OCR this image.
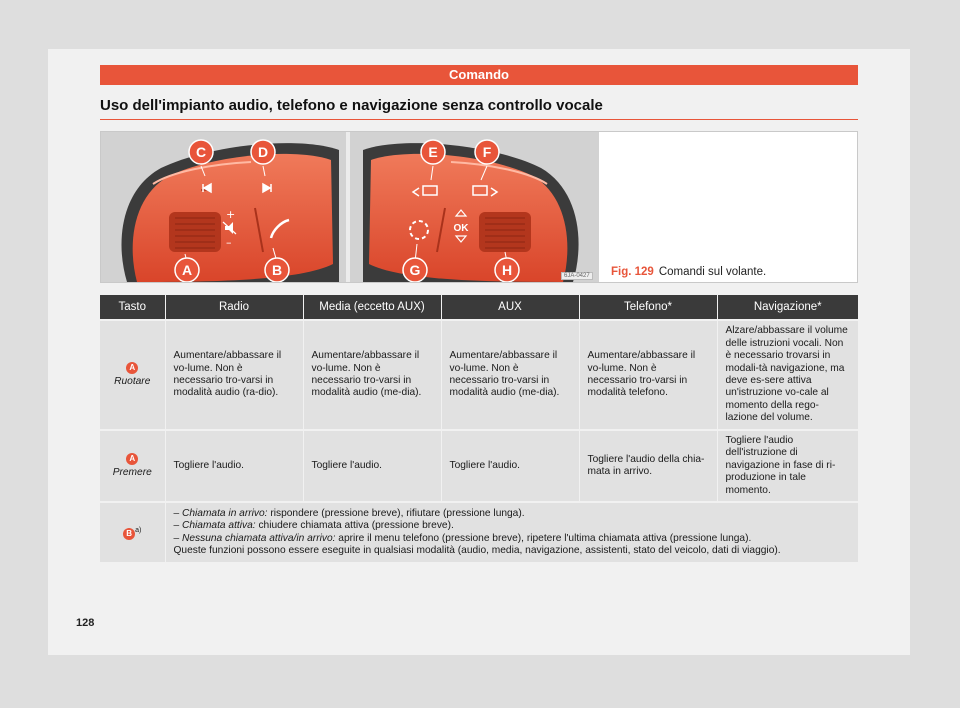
Comando
Uso dell'impianto audio, telefono e navigazione senza controllo vocale
+
–
C	D
A	B
OK
E	F
G	H	6JA-0427 Fig. 129 Comandi sul volante.
Tasto	Radio	Media (eccetto AUX)	AUX	Telefono*	Navigazione*
A
Ruotare	Aumentare/abbassare il vo-lume. Non è necessario tro-varsi in modalità audio (ra-dio).	Aumentare/abbassare il vo-lume. Non è necessario tro-varsi in modalità audio (me-dia).	Aumentare/abbassare il vo-lume. Non è necessario tro-varsi in modalità audio (me-dia).	Aumentare/abbassare il vo-lume. Non è necessario tro-varsi in modalità telefono.	Alzare/abbassare il volume delle istruzioni vocali. Non è necessario trovarsi in modali-tà navigazione, ma deve es-sere attiva un'istruzione vo-cale al momento della rego-lazione del volume.
A
Premere	Togliere l'audio.	Togliere l'audio.	Togliere l'audio.	Togliere l'audio della chia-mata in arrivo.	Togliere l'audio dell'istruzione di navigazione in fase di ri-produzione in tale momento.
B $^{a)}$	– Chiamata in arrivo: rispondere (pressione breve), rifiutare (pressione lunga).
– Chiamata attiva: chiudere chiamata attiva (pressione breve).
– Nessuna chiamata attiva/in arrivo: aprire il menu telefono (pressione breve), ripetere l'ultima chiamata attiva (pressione lunga).
Queste funzioni possono essere eseguite in qualsiasi modalità (audio, media, navigazione, assistenti, stato del veicolo, dati di viaggio).				
128
